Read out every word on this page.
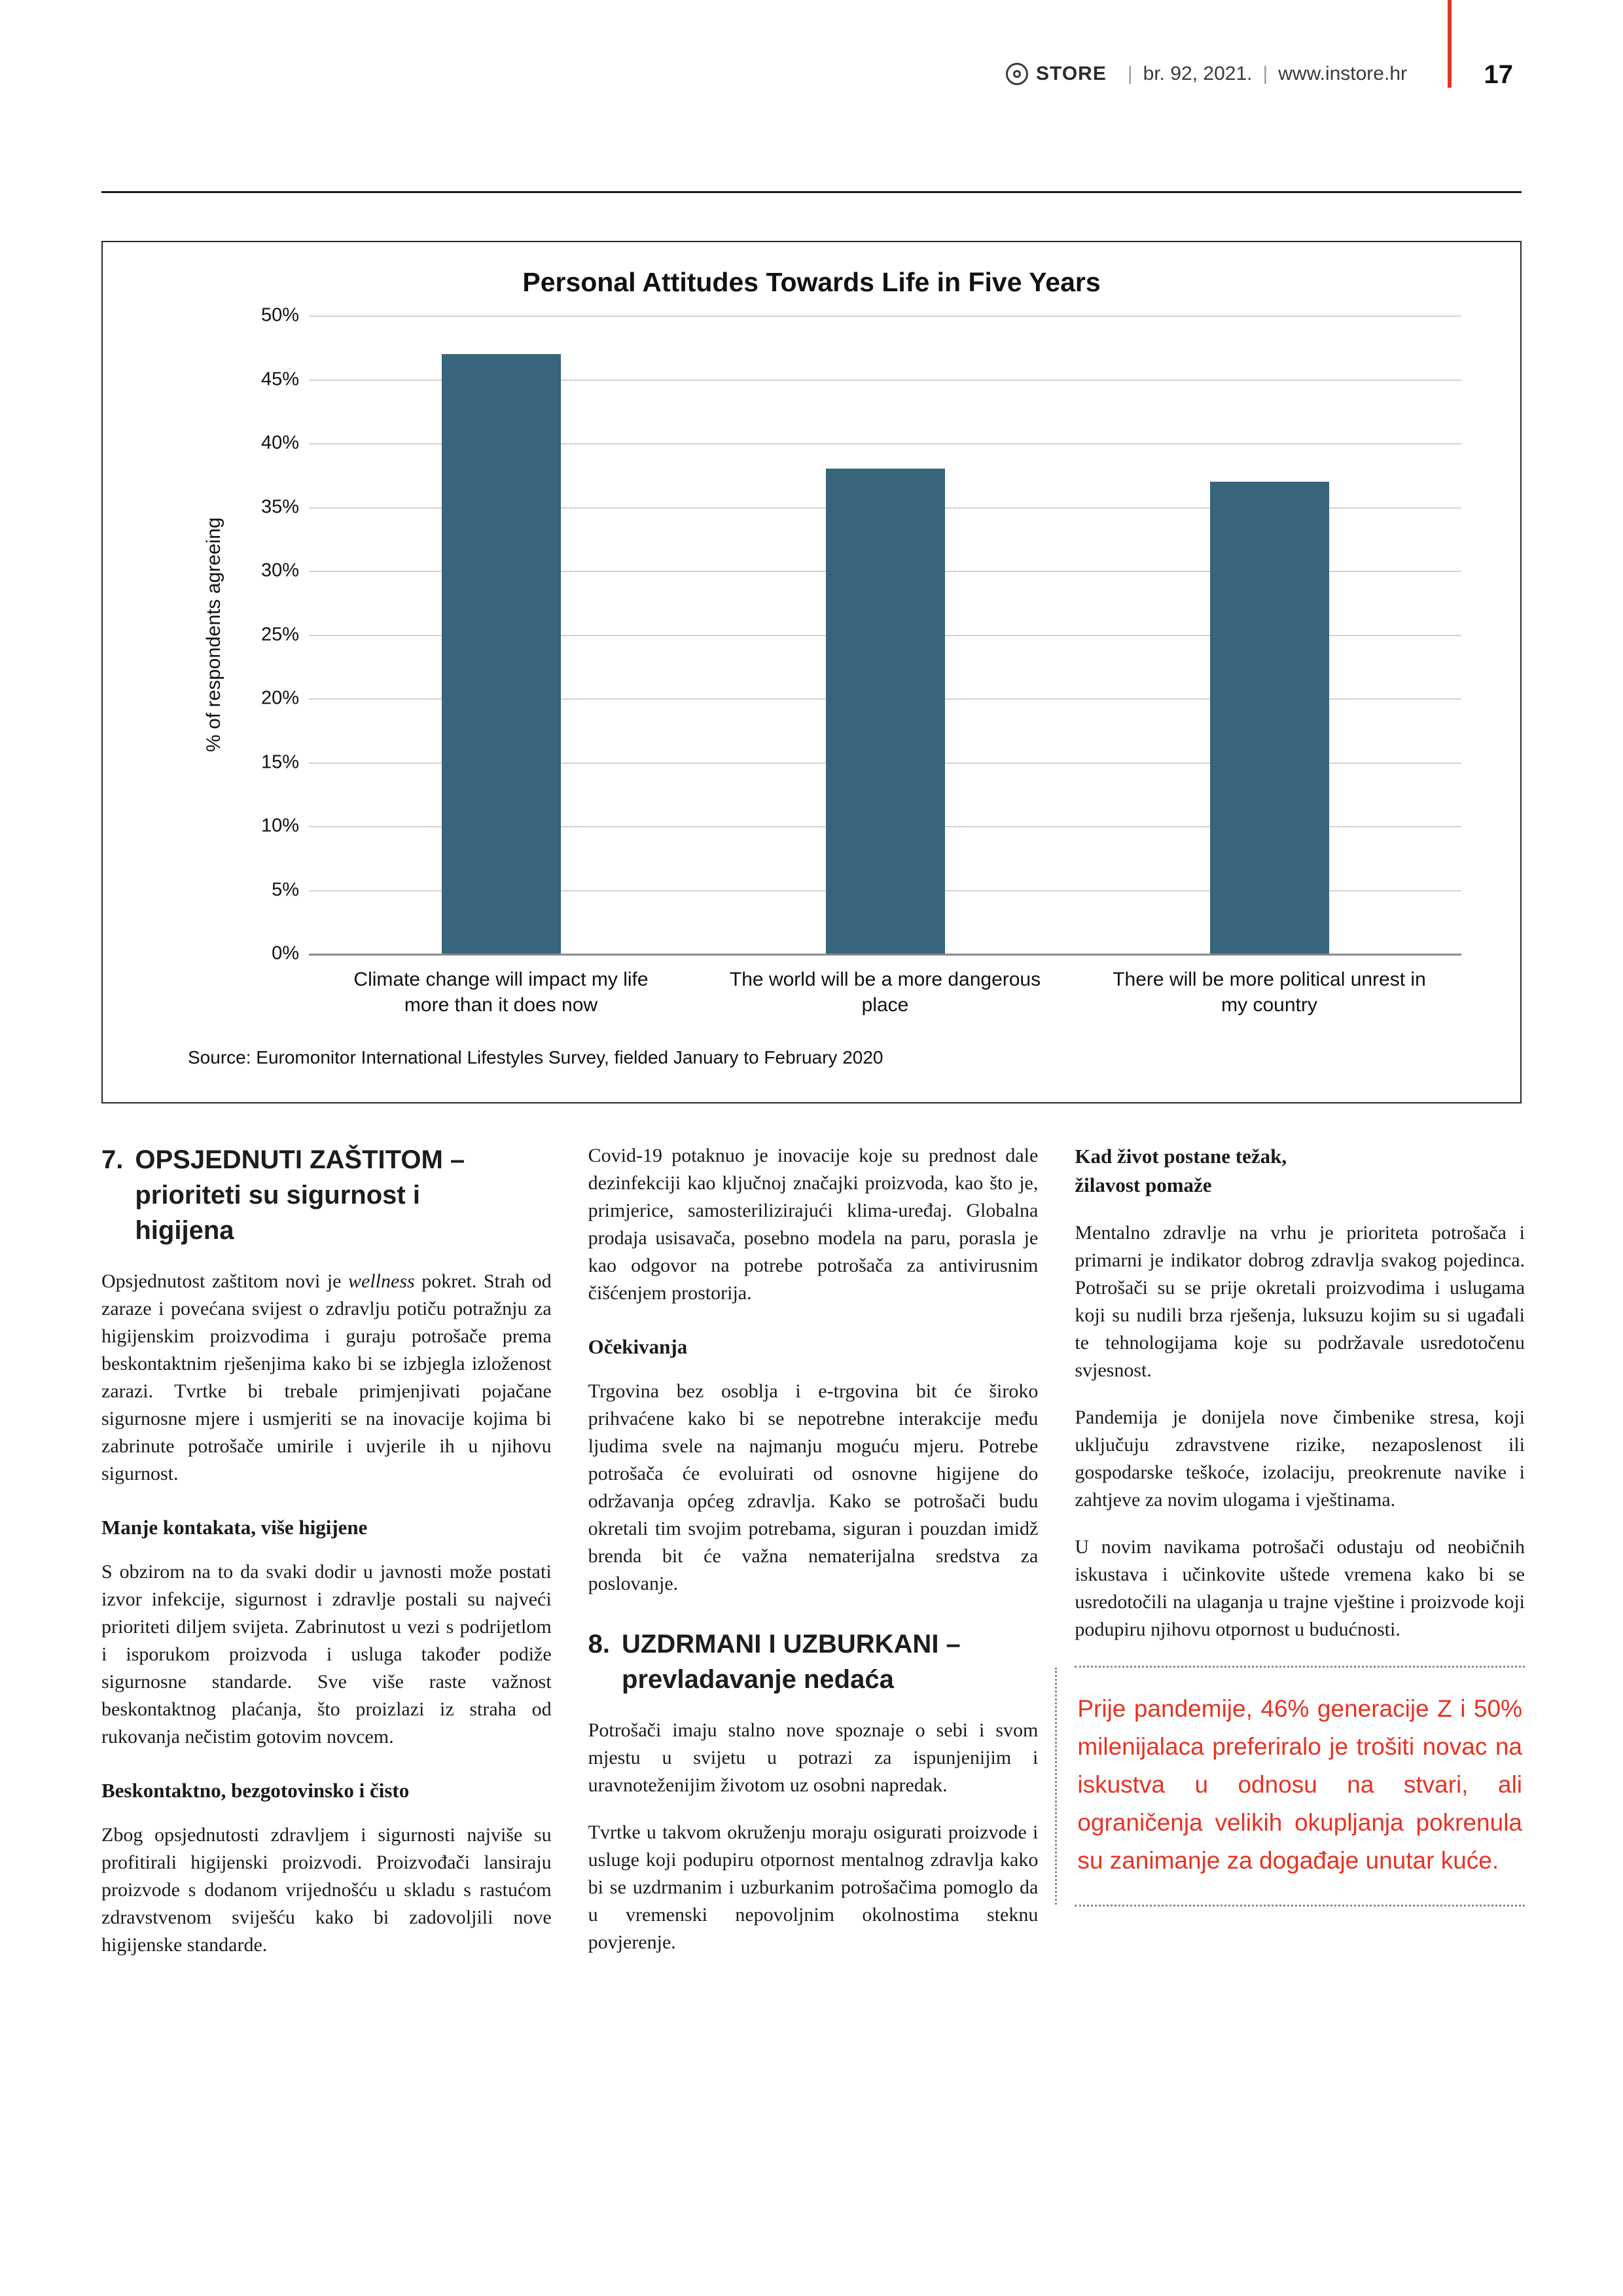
STORE | br. 92, 2021. | www.instore.hr	17
Personal Attitudes Towards Life in Five Years
% of respondents agreeing
0%
5%
10%
15%
20%
25%
30%
35%
40%
45%
50%
Climate change will impact my life more than it does now
The world will be a more dangerous place
There will be more political unrest in my country
Source: Euromonitor International Lifestyles Survey, fielded January to February 2020
7. OPSJEDNUTI ZAŠTITOM – prioriteti su sigurnost i higijena

Opsjednutost zaštitom novi je wellness pokret. Strah od zaraze i povećana svijest o zdravlju potiču potražnju za higijenskim proizvodima i guraju potrošače prema beskontaktnim rješenjima kako bi se izbjegla izloženost zarazi. Tvrtke bi trebale primjenjivati pojačane sigurnosne mjere i usmjeriti se na inovacije kojima bi zabrinute potrošače umirile i uvjerile ih u njihovu sigurnost.

Manje kontakata, više higijene

S obzirom na to da svaki dodir u javnosti može postati izvor infekcije, sigurnost i zdravlje postali su najveći prioriteti diljem svijeta. Zabrinutost u vezi s podrijetlom i isporukom proizvoda i usluga također podiže sigurnosne standarde. Sve više raste važnost beskontaktnog plaćanja, što proizlazi iz straha od rukovanja nečistim gotovim novcem.

Beskontaktno, bezgotovinsko i čisto

Zbog opsjednutosti zdravljem i sigurnosti najviše su profitirali higijenski proizvodi. Proizvođači lansiraju proizvode s dodanom vrijednošću u skladu s rastućom zdravstvenom sviješću kako bi zadovoljili nove higijenske standarde.

Covid-19 potaknuo je inovacije koje su prednost dale dezinfekciji kao ključnoj značajki proizvoda, kao što je, primjerice, samosterilizirajući klima-uređaj. Globalna prodaja usisavača, posebno modela na paru, porasla je kao odgovor na potrebe potrošača za antivirusnim čišćenjem prostorija.

Očekivanja

Trgovina bez osoblja i e-trgovina bit će široko prihvaćene kako bi se nepotrebne interakcije među ljudima svele na najmanju moguću mjeru. Potrebe potrošača će evoluirati od osnovne higijene do održavanja općeg zdravlja. Kako se potrošači budu okretali tim svojim potrebama, siguran i pouzdan imidž brenda bit će važna nematerijalna sredstva za poslovanje.

8. UZDRMANI I UZBURKANI – prevladavanje nedaća

Potrošači imaju stalno nove spoznaje o sebi i svom mjestu u svijetu u potrazi za ispunjenijim i uravnoteženijim životom uz osobni napredak.

Tvrtke u takvom okruženju moraju osigurati proizvode i usluge koji podupiru otpornost mentalnog zdravlja kako bi se uzdrmanim i uzburkanim potrošačima pomoglo da u vremenski nepovoljnim okolnostima steknu povjerenje.

Kad život postane težak, žilavost pomaže

Mentalno zdravlje na vrhu je prioriteta potrošača i primarni je indikator dobrog zdravlja svakog pojedinca. Potrošači su se prije okretali proizvodima i uslugama koji su nudili brza rješenja, luksuzu kojim su si ugađali te tehnologijama koje su podržavale usredotočenu svjesnost.

Pandemija je donijela nove čimbenike stresa, koji uključuju zdravstvene rizike, nezaposlenost ili gospodarske teškoće, izolaciju, preokrenute navike i zahtjeve za novim ulogama i vještinama.

U novim navikama potrošači odustaju od neobičnih iskustava i učinkovite uštede vremena kako bi se usredotočili na ulaganja u trajne vještine i proizvode koji podupiru njihovu otpornost u budućnosti.

Prije pandemije, 46% generacije Z i 50% milenijalaca preferiralo je trošiti novac na iskustva u odnosu na stvari, ali ograničenja velikih okupljanja pokrenula su zanimanje za događaje unutar kuće.
